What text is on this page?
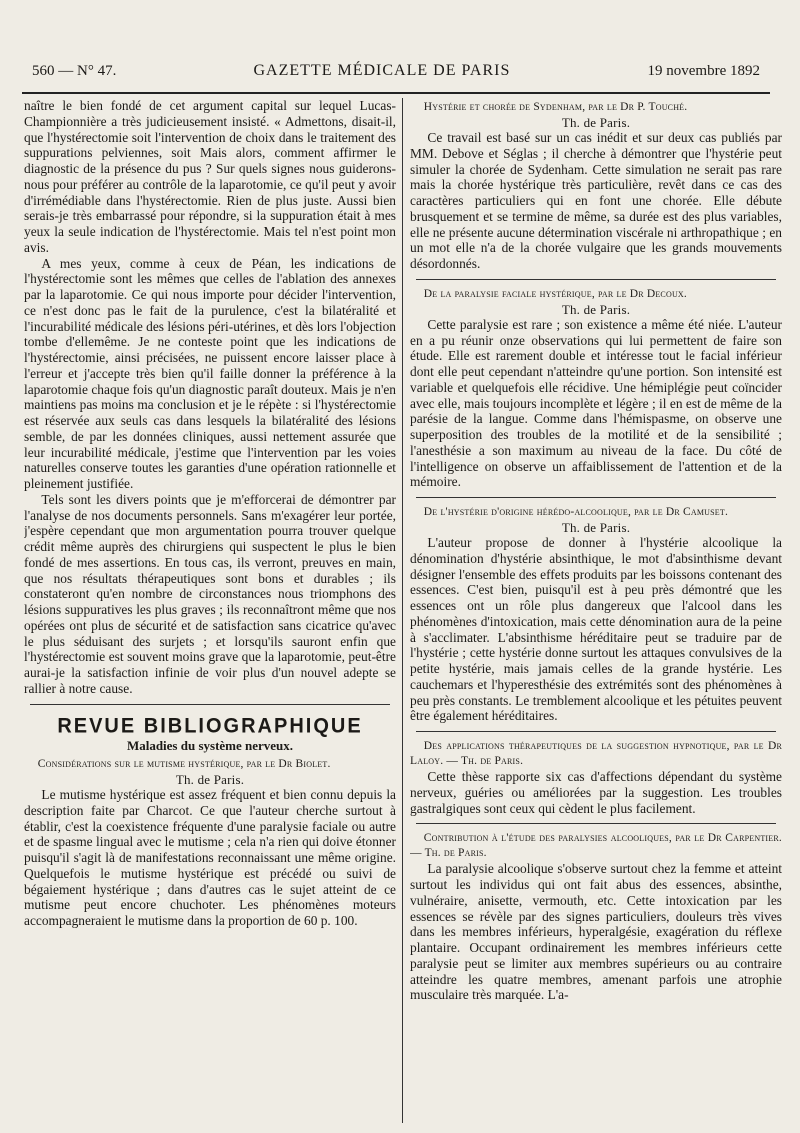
560 — N° 47.	GAZETTE MÉDICALE DE PARIS	19 novembre 1892

naître le bien fondé de cet argument capital sur lequel Lucas-Championnière a très judicieusement insisté. « Admettons, disait-il, que l'hystérectomie soit l'intervention de choix dans le traitement des suppurations pelviennes, soit Mais alors, comment affirmer le diagnostic de la présence du pus ? Sur quels signes nous guiderons-nous pour préférer au contrôle de la laparotomie, ce qu'il peut y avoir d'irrémédiable dans l'hystérectomie. Rien de plus juste. Aussi bien serais-je très embarrassé pour répondre, si la suppuration était à mes yeux la seule indication de l'hystérectomie. Mais tel n'est point mon avis.

A mes yeux, comme à ceux de Péan, les indications de l'hystérectomie sont les mêmes que celles de l'ablation des annexes par la laparotomie. Ce qui nous importe pour décider l'intervention, ce n'est donc pas le fait de la purulence, c'est la bilatéralité et l'incurabilité médicale des lésions péri-utérines, et dès lors l'objection tombe d'ellemême. Je ne conteste point que les indications de l'hystérectomie, ainsi précisées, ne puissent encore laisser place à l'erreur et j'accepte très bien qu'il faille donner la préférence à la laparotomie chaque fois qu'un diagnostic paraît douteux. Mais je n'en maintiens pas moins ma conclusion et je le répète : si l'hystérectomie est réservée aux seuls cas dans lesquels la bilatéralité des lésions semble, de par les données cliniques, aussi nettement assurée que leur incurabilité médicale, j'estime que l'intervention par les voies naturelles conserve toutes les garanties d'une opération rationnelle et pleinement justifiée.

Tels sont les divers points que je m'efforcerai de démontrer par l'analyse de nos documents personnels. Sans m'exagérer leur portée, j'espère cependant que mon argumentation pourra trouver quelque crédit même auprès des chirurgiens qui suspectent le plus le bien fondé de mes assertions. En tous cas, ils verront, preuves en main, que nos résultats thérapeutiques sont bons et durables ; ils constateront qu'en nombre de circonstances nous triomphons des lésions suppuratives les plus graves ; ils reconnaîtront même que nos opérées ont plus de sécurité et de satisfaction sans cicatrice qu'avec le plus séduisant des surjets ; et lorsqu'ils sauront enfin que l'hystérectomie est souvent moins grave que la laparotomie, peut-être aurai-je la satisfaction infinie de voir plus d'un nouvel adepte se rallier à notre cause.

REVUE BIBLIOGRAPHIQUE
Maladies du système nerveux.
Considérations sur le mutisme hystérique, par le Dr Biolet.
Th. de Paris.

Le mutisme hystérique est assez fréquent et bien connu depuis la description faite par Charcot. Ce que l'auteur cherche surtout à établir, c'est la coexistence fréquente d'une paralysie faciale ou autre et de spasme lingual avec le mutisme ; cela n'a rien qui doive étonner puisqu'il s'agit là de manifestations reconnaissant une même origine. Quelquefois le mutisme hystérique est précédé ou suivi de bégaiement hystérique ; dans d'autres cas le sujet atteint de ce mutisme peut encore chuchoter. Les phénomènes moteurs accompagneraient le mutisme dans la proportion de 60 p. 100.

Hystérie et chorée de Sydenham, par le Dr P. Touché.
Th. de Paris.

Ce travail est basé sur un cas inédit et sur deux cas publiés par MM. Debove et Séglas ; il cherche à démontrer que l'hystérie peut simuler la chorée de Sydenham. Cette simulation ne serait pas rare mais la chorée hystérique très particulière, revêt dans ce cas des caractères particuliers qui en font une chorée. Elle débute brusquement et se termine de même, sa durée est des plus variables, elle ne présente aucune détermination viscérale ni arthropathique ; en un mot elle n'a de la chorée vulgaire que les grands mouvements désordonnés.

De la paralysie faciale hystérique, par le Dr Decoux.
Th. de Paris.

Cette paralysie est rare ; son existence a même été niée. L'auteur en a pu réunir onze observations qui lui permettent de faire son étude. Elle est rarement double et intéresse tout le facial inférieur dont elle peut cependant n'atteindre qu'une portion. Son intensité est variable et quelquefois elle récidive. Une hémiplégie peut coïncider avec elle, mais toujours incomplète et légère ; il en est de même de la parésie de la langue. Comme dans l'hémispasme, on observe une superposition des troubles de la motilité et de la sensibilité ; l'anesthésie a son maximum au niveau de la face. Du côté de l'intelligence on observe un affaiblissement de l'attention et de la mémoire.

De l'hystérie d'origine hérédo-alcoolique, par le Dr Camuset.
Th. de Paris.

L'auteur propose de donner à l'hystérie alcoolique la dénomination d'hystérie absinthique, le mot d'absinthisme devant désigner l'ensemble des effets produits par les boissons contenant des essences. C'est bien, puisqu'il est à peu près démontré que les essences ont un rôle plus dangereux que l'alcool dans les phénomènes d'intoxication, mais cette dénomination aura de la peine à s'acclimater. L'absinthisme héréditaire peut se traduire par de l'hystérie ; cette hystérie donne surtout les attaques convulsives de la petite hystérie, mais jamais celles de la grande hystérie. Les cauchemars et l'hyperesthésie des extrémités sont des phénomènes à peu près constants. Le tremblement alcoolique et les pétuites peuvent être également héréditaires.

Des applications thérapeutiques de la suggestion hypnotique, par le Dr Laloy. — Th. de Paris.

Cette thèse rapporte six cas d'affections dépendant du système nerveux, guéries ou améliorées par la suggestion. Les troubles gastralgiques sont ceux qui cèdent le plus facilement.

Contribution à l'étude des paralysies alcooliques, par le Dr Carpentier. — Th. de Paris.

La paralysie alcoolique s'observe surtout chez la femme et atteint surtout les individus qui ont fait abus des essences, absinthe, vulnéraire, anisette, vermouth, etc. Cette intoxication par les essences se révèle par des signes particuliers, douleurs très vives dans les membres inférieurs, hyperalgésie, exagération du réflexe plantaire. Occupant ordinairement les membres inférieurs cette paralysie peut se limiter aux membres supérieurs ou au contraire atteindre les quatre membres, amenant parfois une atrophie musculaire très marquée. L'a-
